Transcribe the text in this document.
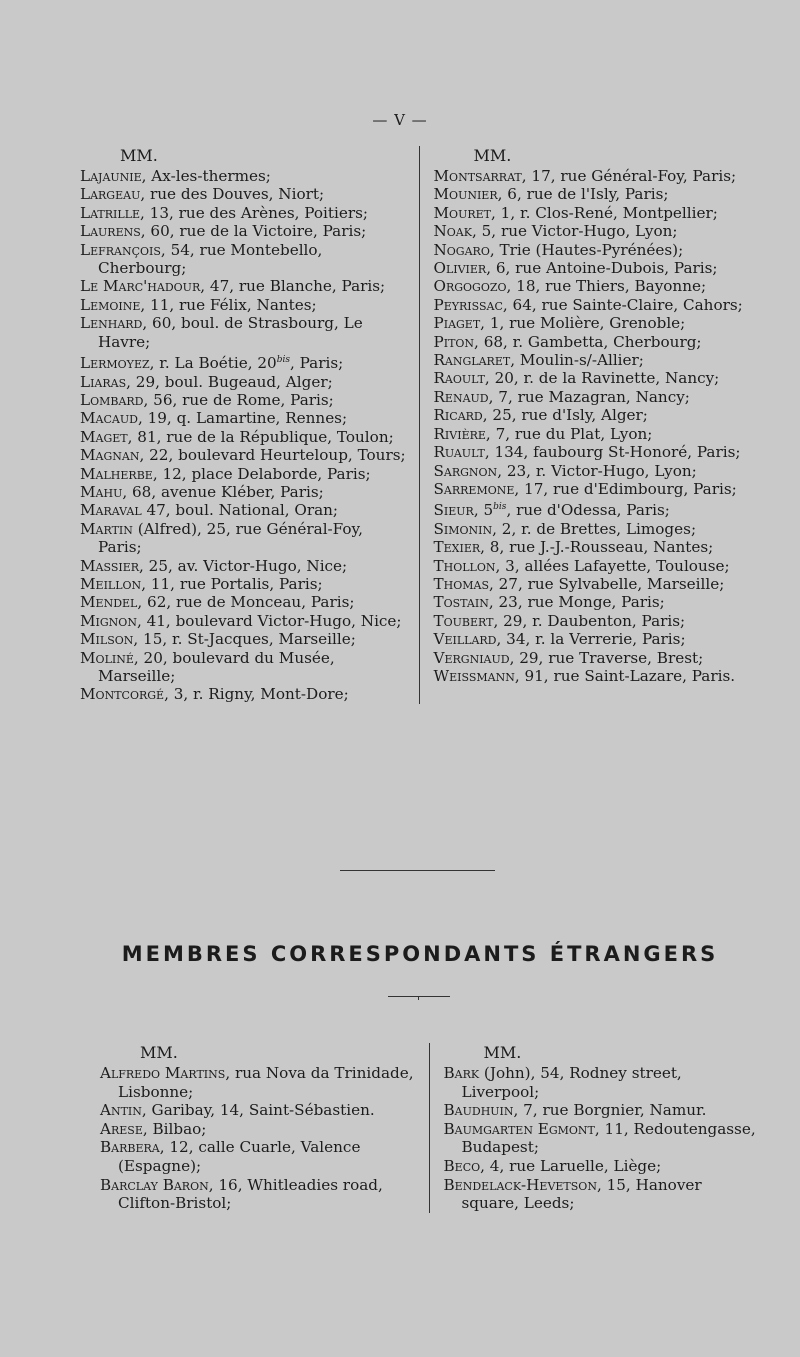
— V —
MM.
Lajaunie, Ax-les-thermes;
Largeau, rue des Douves, Niort;
Latrille, 13, rue des Arènes, Poitiers;
Laurens, 60, rue de la Victoire, Paris;
Lefrançois, 54, rue Montebello, Cherbourg;
Le Marc'hadour, 47, rue Blanche, Paris;
Lemoine, 11, rue Félix, Nantes;
Lenhard, 60, boul. de Strasbourg, Le Havre;
Lermoyez, r. La Boétie, $20^{bis}$, Paris;
Liaras, 29, boul. Bugeaud, Alger;
Lombard, 56, rue de Rome, Paris;
Macaud, 19, q. Lamartine, Rennes;
Maget, 81, rue de la République, Toulon;
Magnan, 22, boulevard Heurteloup, Tours;
Malherbe, 12, place Delaborde, Paris;
Mahu, 68, avenue Kléber, Paris;
Maraval 47, boul. National, Oran;
Martin (Alfred), 25, rue Général-Foy, Paris;
Massier, 25, av. Victor-Hugo, Nice;
Meillon, 11, rue Portalis, Paris;
Mendel, 62, rue de Monceau, Paris;
Mignon, 41, boulevard Victor-Hugo, Nice;
Milson, 15, r. St-Jacques, Marseille;
Moliné, 20, boulevard du Musée, Marseille;
Montcorgé, 3, r. Rigny, Mont-Dore;
MM.
Montsarrat, 17, rue Général-Foy, Paris;
Mounier, 6, rue de l'Isly, Paris;
Mouret, 1, r. Clos-René, Montpellier;
Noak, 5, rue Victor-Hugo, Lyon;
Nogaro, Trie (Hautes-Pyrénées);
Olivier, 6, rue Antoine-Dubois, Paris;
Orgogozo, 18, rue Thiers, Bayonne;
Peyrissac, 64, rue Sainte-Claire, Cahors;
Piaget, 1, rue Molière, Grenoble;
Piton, 68, r. Gambetta, Cherbourg;
Ranglaret, Moulin-s/-Allier;
Raoult, 20, r. de la Ravinette, Nancy;
Renaud, 7, rue Mazagran, Nancy;
Ricard, 25, rue d'Isly, Alger;
Rivière, 7, rue du Plat, Lyon;
Ruault, 134, faubourg St-Honoré, Paris;
Sargnon, 23, r. Victor-Hugo, Lyon;
Sarremone, 17, rue d'Edimbourg, Paris;
Sieur, $5^{bis}$, rue d'Odessa, Paris;
Simonin, 2, r. de Brettes, Limoges;
Texier, 8, rue J.-J.-Rousseau, Nantes;
Thollon, 3, allées Lafayette, Toulouse;
Thomas, 27, rue Sylvabelle, Marseille;
Tostain, 23, rue Monge, Paris;
Toubert, 29, r. Daubenton, Paris;
Veillard, 34, r. la Verrerie, Paris;
Vergniaud, 29, rue Traverse, Brest;
Weissmann, 91, rue Saint-Lazare, Paris.
MEMBRES CORRESPONDANTS ÉTRANGERS
MM.
Alfredo Martins, rua Nova da Trinidade, Lisbonne;
Antin, Garibay, 14, Saint-Sébastien.
Arese, Bilbao;
Barbera, 12, calle Cuarle, Valence (Espagne);
Barclay Baron, 16, Whitleadies road, Clifton-Bristol;
MM.
Bark (John), 54, Rodney street, Liverpool;
Baudhuin, 7, rue Borgnier, Namur.
Baumgarten Egmont, 11, Redoutengasse, Budapest;
Beco, 4, rue Laruelle, Liège;
Bendelack-Hevetson, 15, Hanover square, Leeds;
